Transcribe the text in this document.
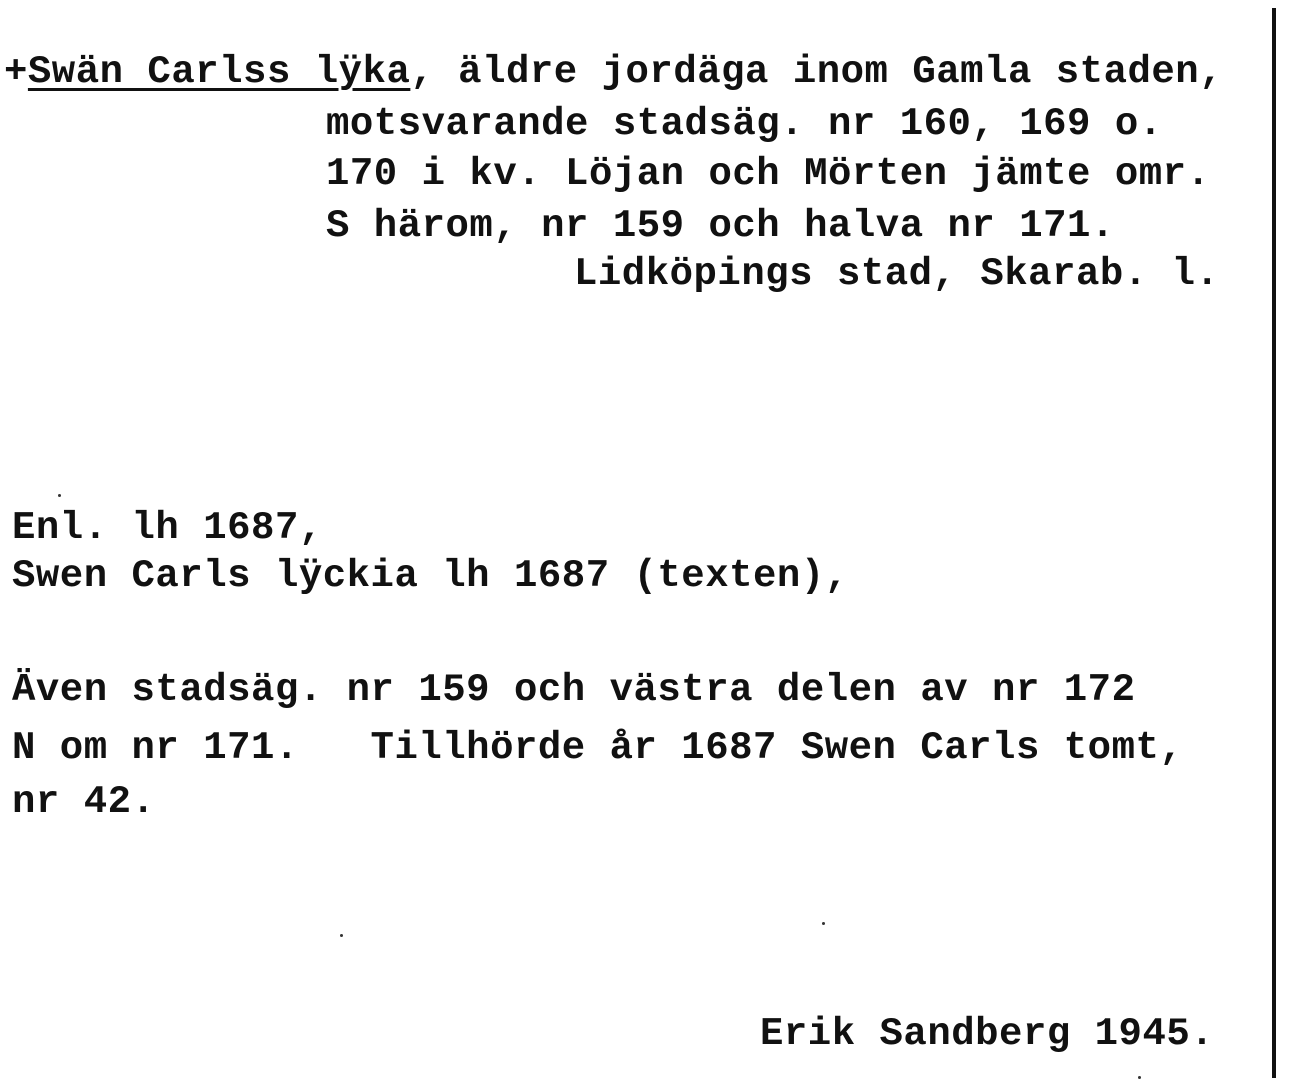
+Swän Carlss lÿka, äldre jordäga inom Gamla staden,
motsvarande stadsäg. nr 160, 169 o.
170 i kv. Löjan och Mörten jämte omr.
S härom, nr 159 och halva nr 171.
Lidköpings stad, Skarab. l.
Enl. lh 1687,
Swen Carls lÿckia lh 1687 (texten),
Även stadsäg. nr 159 och västra delen av nr 172
N om nr 171.   Tillhörde år 1687 Swen Carls tomt,
nr 42.
Erik Sandberg 1945.
